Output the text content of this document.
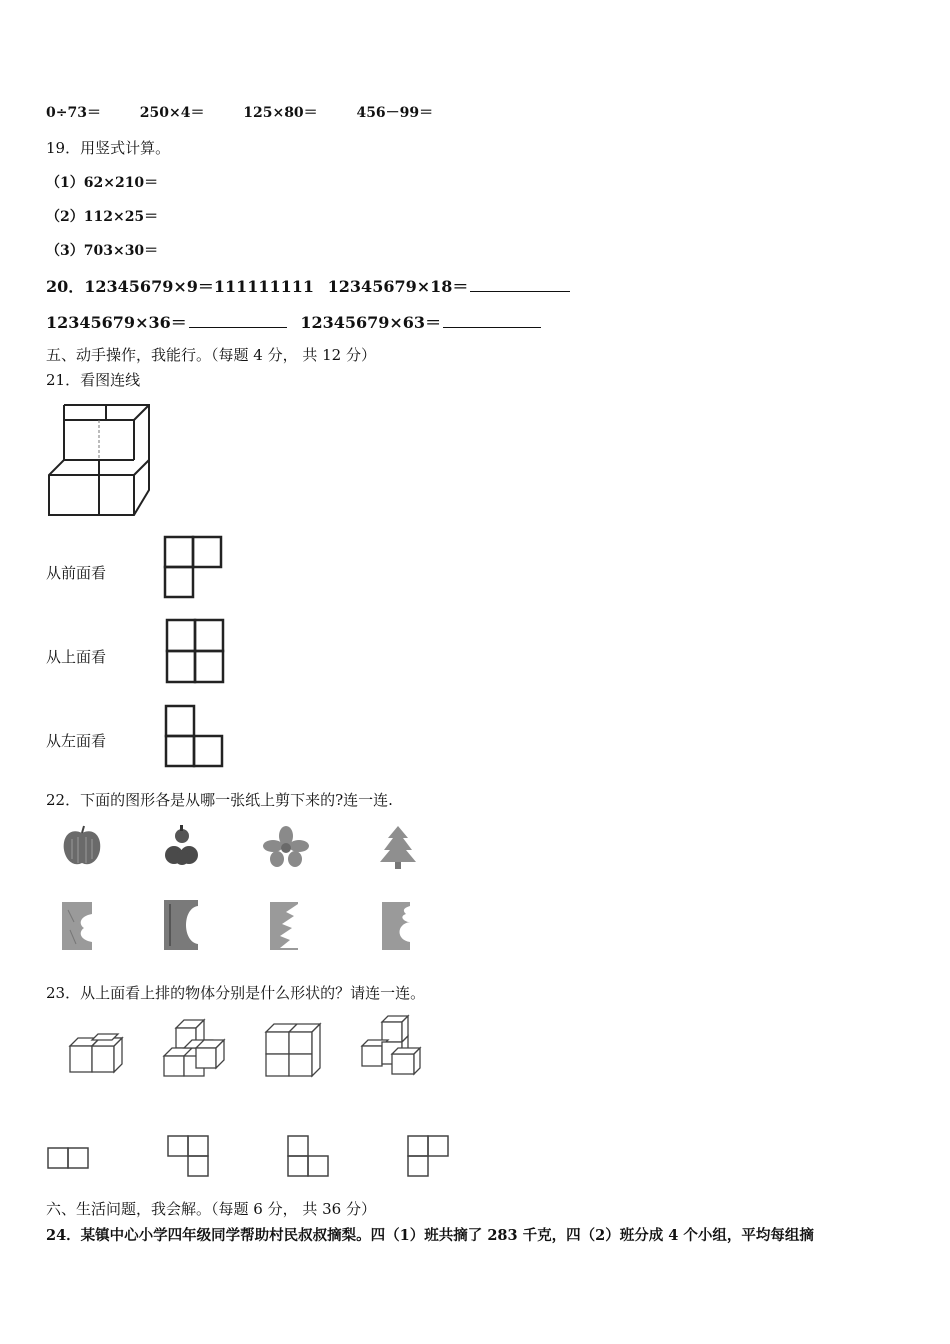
0÷73＝	250×4＝	125×80＝	456－99＝
19．用竖式计算。
（1）62×210＝
（2）112×25＝
（3）703×30＝
20．12345679×9＝111111111 12345679×18＝
12345679×36＝	12345679×63＝
五、动手操作，我能行。（每题 4 分， 共 12 分）
21．看图连线
从前面看
从上面看
从左面看
22．下面的图形各是从哪一张纸上剪下来的?连一连.
23．从上面看上排的物体分别是什么形状的？请连一连。
六、生活问题，我会解。（每题 6 分， 共 36 分）
24．某镇中心小学四年级同学帮助村民叔叔摘梨。四（1）班共摘了 283 千克，四（2）班分成 4 个小组，平均每组摘
